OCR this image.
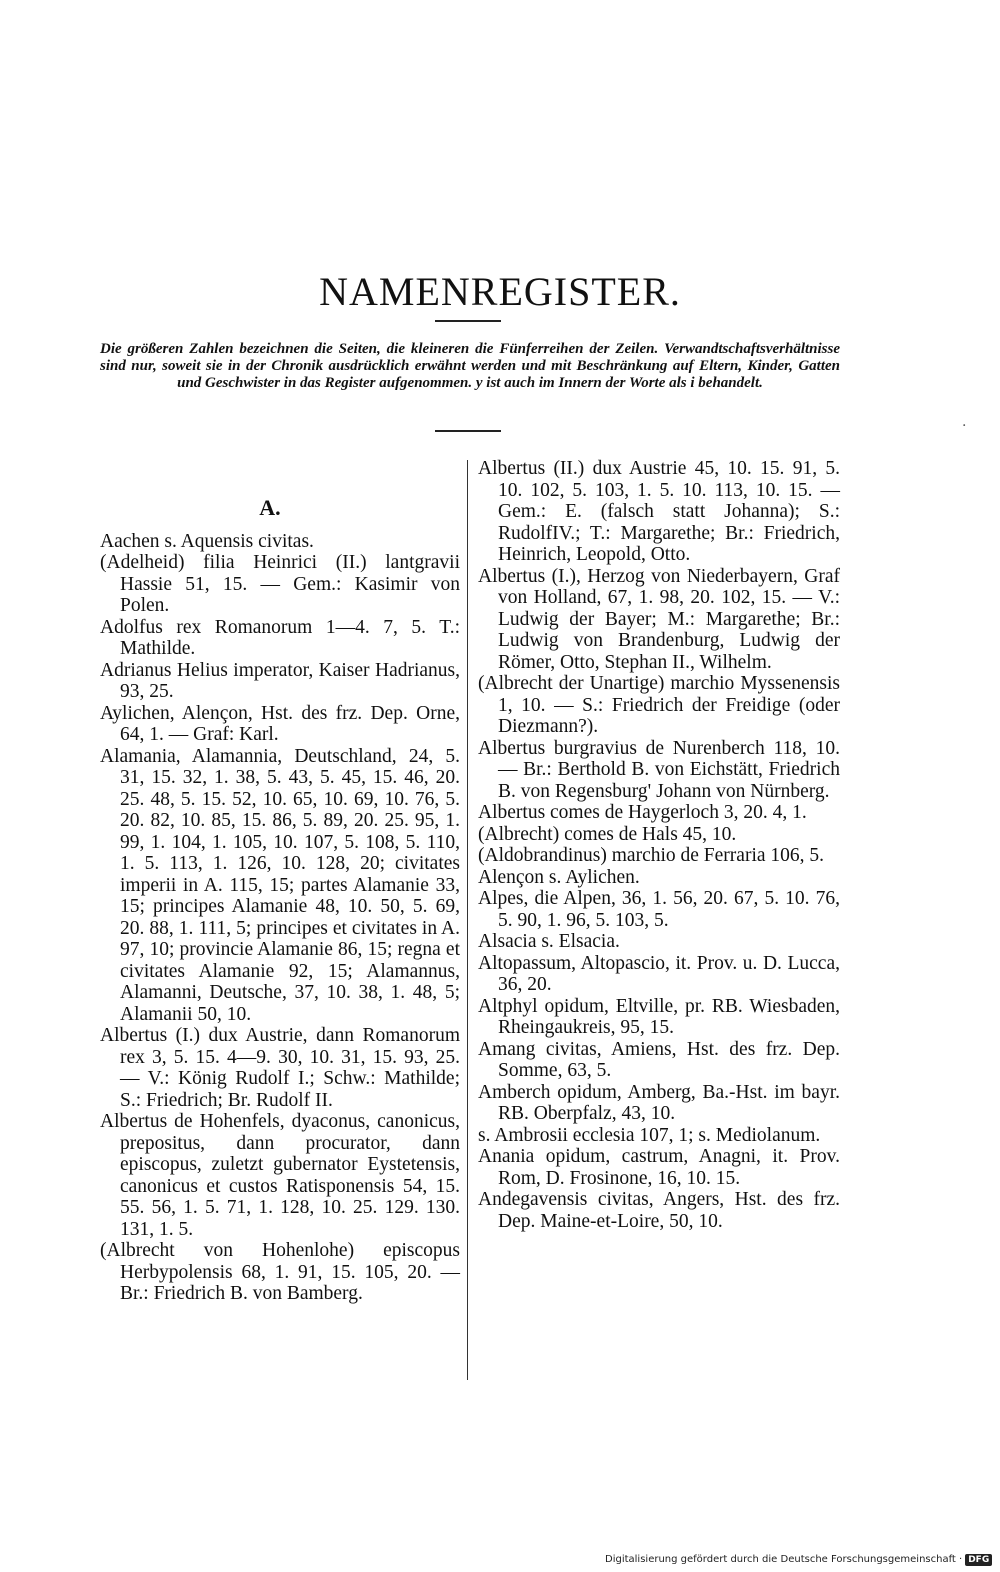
NAMENREGISTER.
Die größeren Zahlen bezeichnen die Seiten, die kleineren die Fünferreihen der Zeilen. Verwandtschaftsverhältnisse sind nur, soweit sie in der Chronik ausdrücklich erwähnt werden und mit Beschränkung auf Eltern, Kinder, Gatten und Geschwister in das Register aufgenommen. y ist auch im Innern der Worte als i behandelt.
A.

Aachen s. Aquensis civitas.

(Adelheid) filia Heinrici (II.) lantgravii Hassie 51, 15. — Gem.: Kasimir von Polen.

Adolfus rex Romanorum 1—4. 7, 5. T.: Mathilde.

Adrianus Helius imperator, Kaiser Hadrianus, 93, 25.

Aylichen, Alençon, Hst. des frz. Dep. Orne, 64, 1. — Graf: Karl.

Alamania, Alamannia, Deutschland, 24, 5. 31, 15. 32, 1. 38, 5. 43, 5. 45, 15. 46, 20. 25. 48, 5. 15. 52, 10. 65, 10. 69, 10. 76, 5. 20. 82, 10. 85, 15. 86, 5. 89, 20. 25. 95, 1. 99, 1. 104, 1. 105, 10. 107, 5. 108, 5. 110, 1. 5. 113, 1. 126, 10. 128, 20; civitates imperii in A. 115, 15; partes Alamanie 33, 15; principes Alamanie 48, 10. 50, 5. 69, 20. 88, 1. 111, 5; principes et civitates in A. 97, 10; provincie Alamanie 86, 15; regna et civitates Alamanie 92, 15; Alamannus, Alamanni, Deutsche, 37, 10. 38, 1. 48, 5; Alamanii 50, 10.

Albertus (I.) dux Austrie, dann Romanorum rex 3, 5. 15. 4—9. 30, 10. 31, 15. 93, 25. — V.: König Rudolf I.; Schw.: Mathilde; S.: Friedrich; Br. Rudolf II.

Albertus de Hohenfels, dyaconus, canonicus, prepositus, dann procurator, dann episcopus, zuletzt gubernator Eystetensis, canonicus et custos Ratisponensis 54, 15. 55. 56, 1. 5. 71, 1. 128, 10. 25. 129. 130. 131, 1. 5.

(Albrecht von Hohenlohe) episcopus Herbypolensis 68, 1. 91, 15. 105, 20. — Br.: Friedrich B. von Bamberg.

Albertus (II.) dux Austrie 45, 10. 15. 91, 5. 10. 102, 5. 103, 1. 5. 10. 113, 10. 15. — Gem.: E. (falsch statt Johanna); S.: RudolfIV.; T.: Margarethe; Br.: Friedrich, Heinrich, Leopold, Otto.

Albertus (I.), Herzog von Niederbayern, Graf von Holland, 67, 1. 98, 20. 102, 15. — V.: Ludwig der Bayer; M.: Margarethe; Br.: Ludwig von Brandenburg, Ludwig der Römer, Otto, Stephan II., Wilhelm.

(Albrecht der Unartige) marchio Myssenensis 1, 10. — S.: Friedrich der Freidige (oder Diezmann?).

Albertus burgravius de Nurenberch 118, 10. — Br.: Berthold B. von Eichstätt, Friedrich B. von Regensburg' Johann von Nürnberg.

Albertus comes de Haygerloch 3, 20. 4, 1.

(Albrecht) comes de Hals 45, 10.

(Aldobrandinus) marchio de Ferraria 106, 5.

Alençon s. Aylichen.

Alpes, die Alpen, 36, 1. 56, 20. 67, 5. 10. 76, 5. 90, 1. 96, 5. 103, 5.

Alsacia s. Elsacia.

Altopassum, Altopascio, it. Prov. u. D. Lucca, 36, 20.

Altphyl opidum, Eltville, pr. RB. Wiesbaden, Rheingaukreis, 95, 15.

Amang civitas, Amiens, Hst. des frz. Dep. Somme, 63, 5.

Amberch opidum, Amberg, Ba.-Hst. im bayr. RB. Oberpfalz, 43, 10.

s. Ambrosii ecclesia 107, 1; s. Mediolanum.

Anania opidum, castrum, Anagni, it. Prov. Rom, D. Frosinone, 16, 10. 15.

Andegavensis civitas, Angers, Hst. des frz. Dep. Maine-et-Loire, 50, 10.

·
Digitalisierung gefördert durch die Deutsche Forschungsgemeinschaft · DFG
